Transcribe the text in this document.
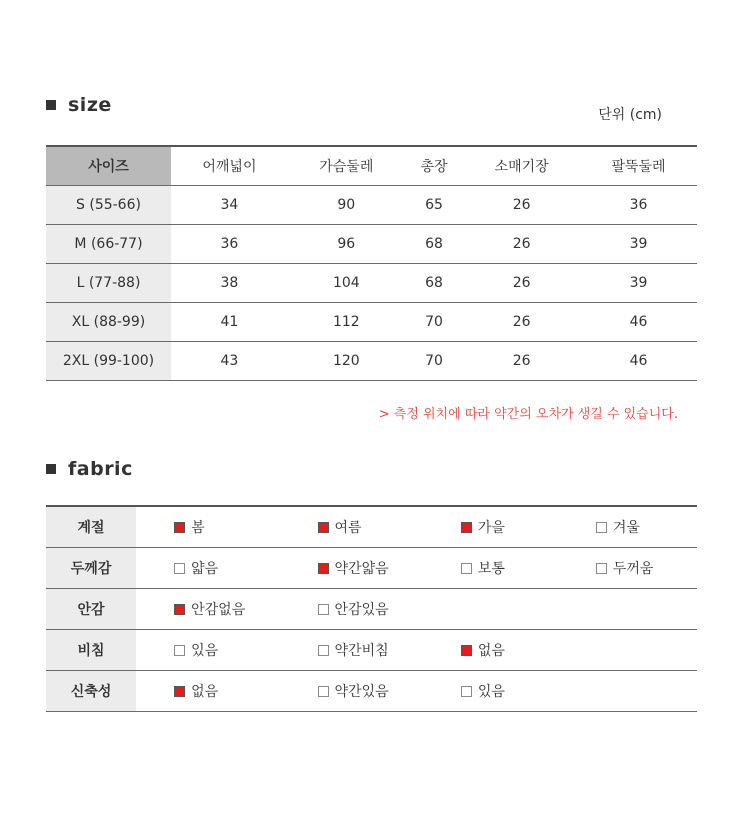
size	단위 (cm)
사이즈	어깨넓이	가슴둘레	총장	소매기장	팔뚝둘레
S (55-66)	34	90	65	26	36
M (66-77)	36	96	68	26	39
L (77-88)	38	104	68	26	39
XL (88-99)	41	112	70	26	46
2XL (99-100)	43	120	70	26	46
> 측정 위치에 따라 약간의 오차가 생길 수 있습니다.
fabric
계절	봄	여름	가을	겨울
두께감	얇음	약간얇음	보통	두꺼움
안감	안감없음	안감있음		
비침	있음	약간비침	없음	
신축성	없음	약간있음	있음	
